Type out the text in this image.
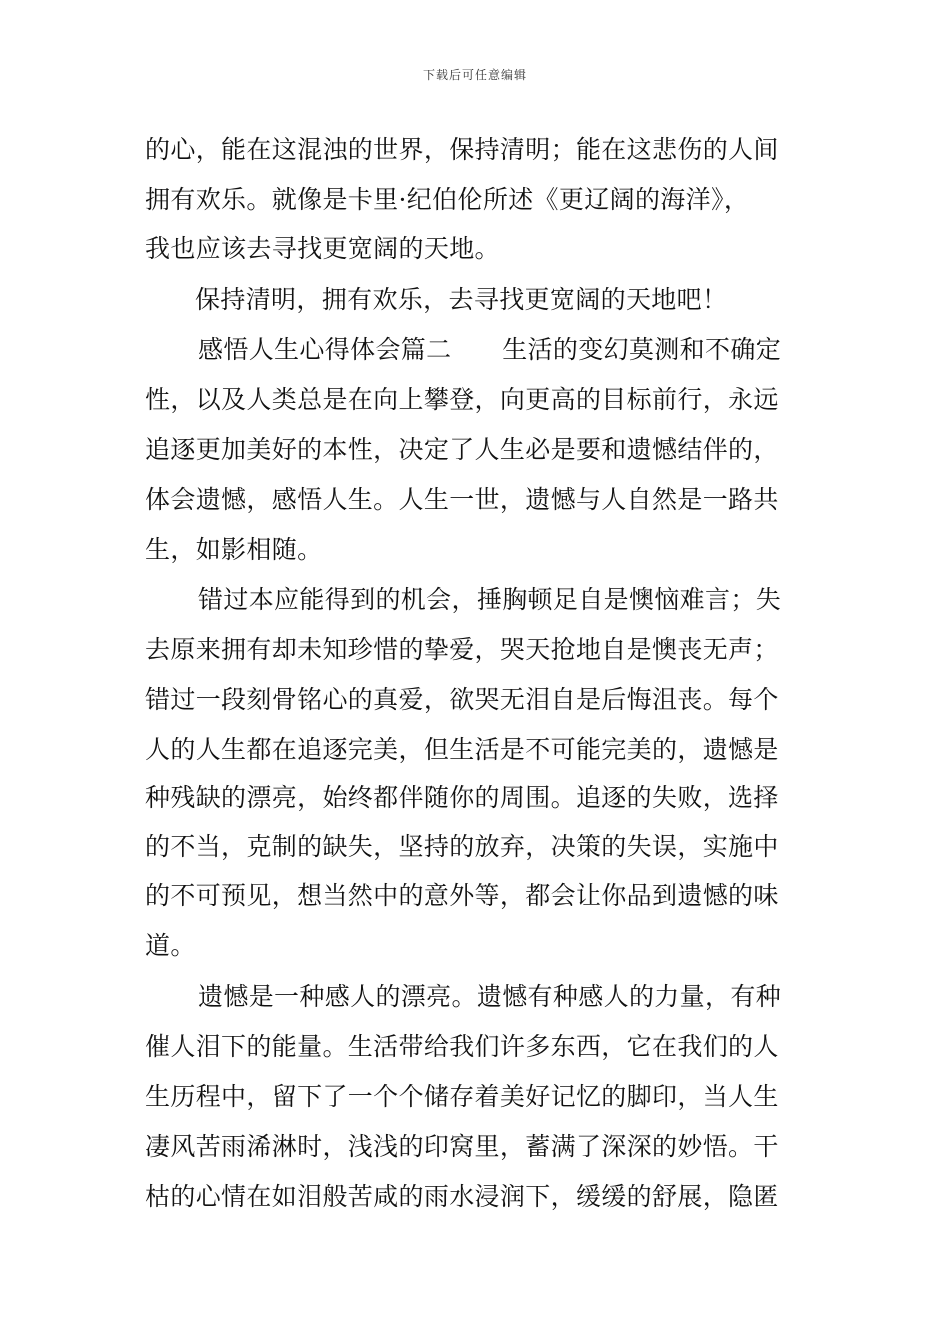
下载后可任意编辑
的心，能在这混浊的世界，保持清明；能在这悲伤的人间
拥有欢乐。就像是卡里·纪伯伦所述《更辽阔的海洋》，
我也应该去寻找更宽阔的天地。
保持清明，拥有欢乐，去寻找更宽阔的天地吧！
感悟人生心得体会篇二　　生活的变幻莫测和不确定
性，以及人类总是在向上攀登，向更高的目标前行，永远
追逐更加美好的本性，决定了人生必是要和遗憾结伴的，
体会遗憾，感悟人生。人生一世，遗憾与人自然是一路共
生，如影相随。
错过本应能得到的机会，捶胸顿足自是懊恼难言；失
去原来拥有却未知珍惜的挚爱，哭天抢地自是懊丧无声；
错过一段刻骨铭心的真爱，欲哭无泪自是后悔沮丧。每个
人的人生都在追逐完美，但生活是不可能完美的，遗憾是
种残缺的漂亮，始终都伴随你的周围。追逐的失败，选择
的不当，克制的缺失，坚持的放弃，决策的失误，实施中
的不可预见，想当然中的意外等，都会让你品到遗憾的味
道。
遗憾是一种感人的漂亮。遗憾有种感人的力量，有种
催人泪下的能量。生活带给我们许多东西，它在我们的人
生历程中，留下了一个个储存着美好记忆的脚印，当人生
凄风苦雨浠淋时，浅浅的印窝里，蓄满了深深的妙悟。干
枯的心情在如泪般苦咸的雨水浸润下，缓缓的舒展，隐匿
